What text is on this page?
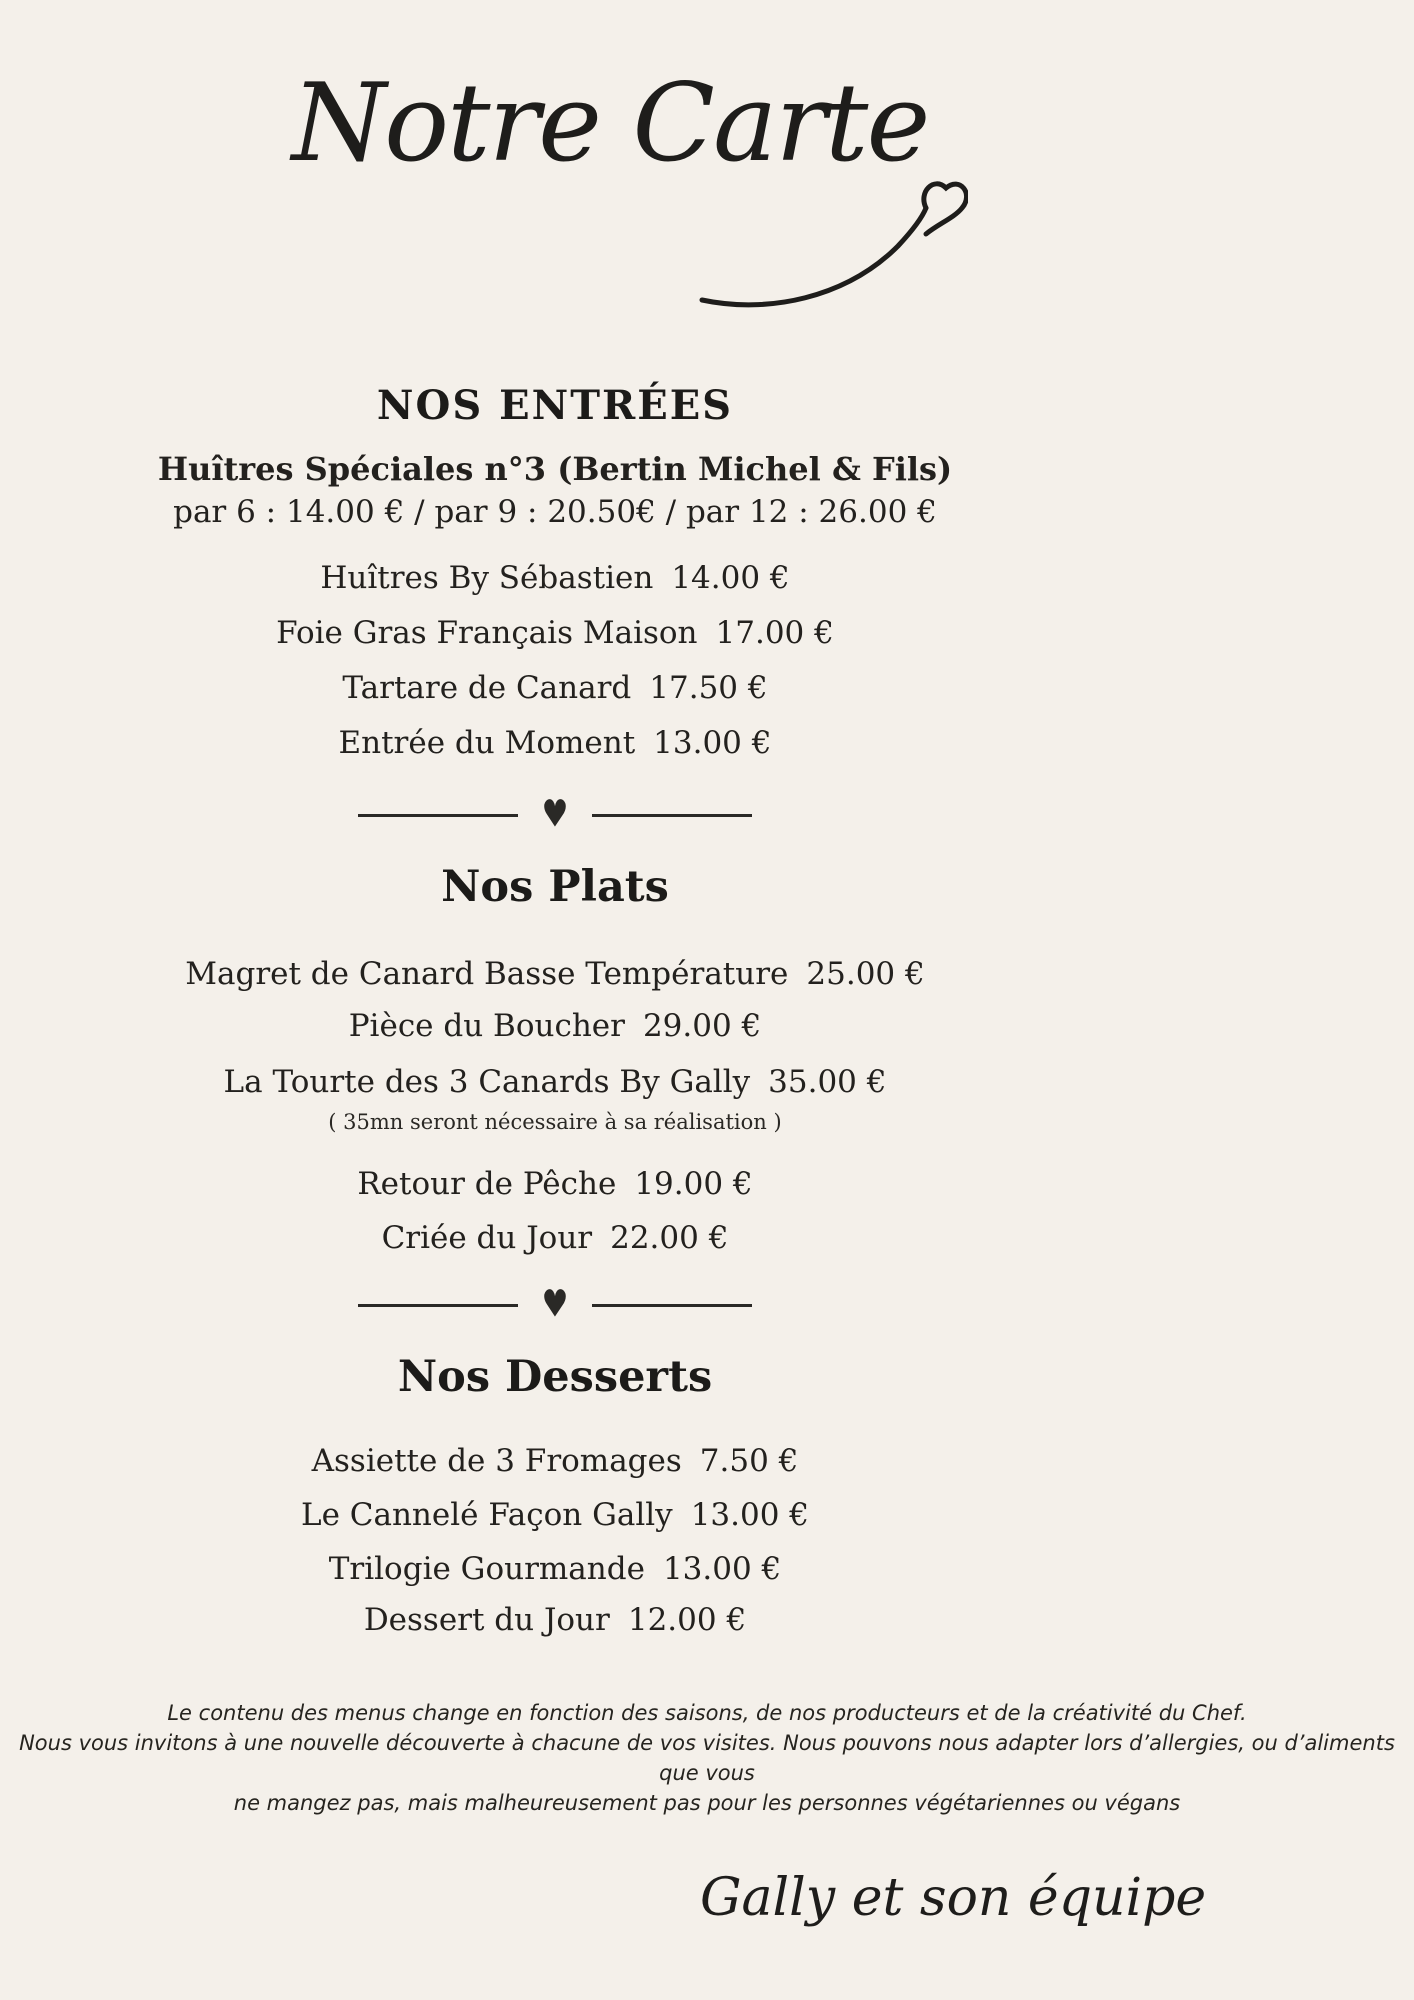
Notre Carte
NOS ENTRÉES
Huîtres Spéciales n°3 (Bertin Michel & Fils)
par 6 : 14.00 € / par 9 : 20.50€ / par 12 : 26.00 €
Huîtres By Sébastien 14.00 €
Foie Gras Français Maison 17.00 €
Tartare de Canard 17.50 €
Entrée du Moment 13.00 €
♥
Nos Plats
Magret de Canard Basse Température 25.00 €
Pièce du Boucher 29.00 €
La Tourte des 3 Canards By Gally 35.00 €
( 35mn seront nécessaire à sa réalisation )
Retour de Pêche 19.00 €
Criée du Jour 22.00 €
♥
Nos Desserts
Assiette de 3 Fromages 7.50 €
Le Cannelé Façon Gally 13.00 €
Trilogie Gourmande 13.00 €
Dessert du Jour 12.00 €
Le contenu des menus change en fonction des saisons, de nos producteurs et de la créativité du Chef.
Nous vous invitons à une nouvelle découverte à chacune de vos visites. Nous pouvons nous adapter lors d’allergies, ou d’aliments que vous
ne mangez pas, mais malheureusement pas pour les personnes végétariennes ou végans
Gally et son équipe
